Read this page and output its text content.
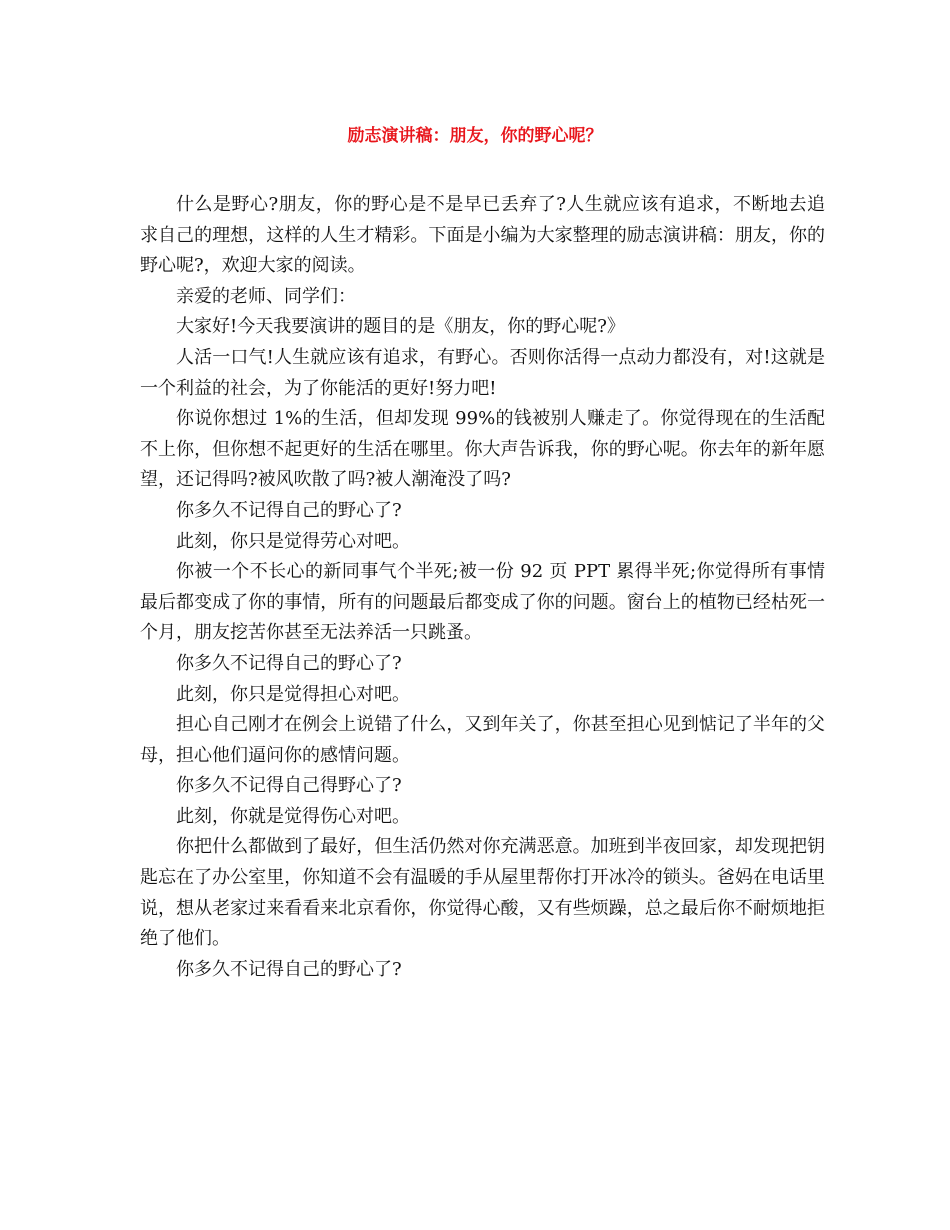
励志演讲稿：朋友，你的野心呢？

什么是野心?朋友，你的野心是不是早已丢弃了?人生就应该有追求，不断地去追求自己的理想，这样的人生才精彩。下面是小编为大家整理的励志演讲稿：朋友，你的野心呢?，欢迎大家的阅读。

亲爱的老师、同学们：

大家好!今天我要演讲的题目的是《朋友，你的野心呢?》

人活一口气!人生就应该有追求，有野心。否则你活得一点动力都没有，对!这就是一个利益的社会，为了你能活的更好!努力吧!

你说你想过 1%的生活，但却发现 99%的钱被别人赚走了。你觉得现在的生活配不上你，但你想不起更好的生活在哪里。你大声告诉我，你的野心呢。你去年的新年愿望，还记得吗?被风吹散了吗?被人潮淹没了吗?

你多久不记得自己的野心了?

此刻，你只是觉得劳心对吧。

你被一个不长心的新同事气个半死;被一份 92 页 PPT 累得半死;你觉得所有事情最后都变成了你的事情，所有的问题最后都变成了你的问题。窗台上的植物已经枯死一个月，朋友挖苦你甚至无法养活一只跳蚤。

你多久不记得自己的野心了?

此刻，你只是觉得担心对吧。

担心自己刚才在例会上说错了什么，又到年关了，你甚至担心见到惦记了半年的父母，担心他们逼问你的感情问题。

你多久不记得自己得野心了?

此刻，你就是觉得伤心对吧。

你把什么都做到了最好，但生活仍然对你充满恶意。加班到半夜回家，却发现把钥匙忘在了办公室里，你知道不会有温暖的手从屋里帮你打开冰冷的锁头。爸妈在电话里说，想从老家过来看看来北京看你，你觉得心酸，又有些烦躁，总之最后你不耐烦地拒绝了他们。

你多久不记得自己的野心了?
